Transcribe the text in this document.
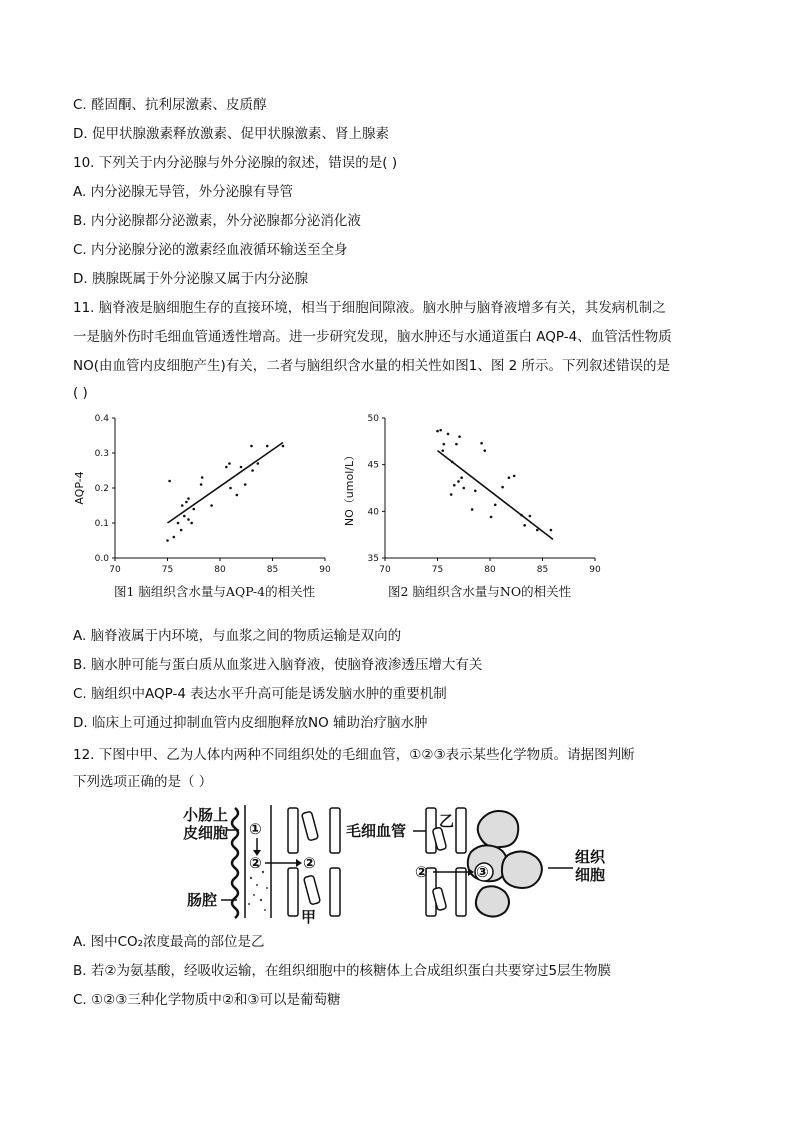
C. 醛固酮、抗利尿激素、皮质醇
D. 促甲状腺激素释放激素、促甲状腺激素、肾上腺素
10. 下列关于内分泌腺与外分泌腺的叙述，错误的是( )
A. 内分泌腺无导管，外分泌腺有导管
B. 内分泌腺都分泌激素，外分泌腺都分泌消化液
C. 内分泌腺分泌的激素经血液循环输送至全身
D. 胰腺既属于外分泌腺又属于内分泌腺
11. 脑脊液是脑细胞生存的直接环境，相当于细胞间隙液。脑水肿与脑脊液增多有关，其发病机制之
一是脑外伤时毛细血管通透性增高。进一步研究发现，脑水肿还与水通道蛋白 AQP-4、血管活性物质
NO(由血管内皮细胞产生)有关，二者与脑组织含水量的相关性如图1、图 2 所示。下列叙述错误的是
( )
70	75	80	85	90
0.0
0.1
0.2
0.3
0.4
AQP-4
图1 脑组织含水量与AQP-4的相关性
70	75	80	85	90
35
40
45
50
NO（umol/L）
图2 脑组织含水量与NO的相关性
A. 脑脊液属于内环境，与血浆之间的物质运输是双向的
B. 脑水肿可能与蛋白质从血浆进入脑脊液，使脑脊液渗透压增大有关
C. 脑组织中AQP-4 表达水平升高可能是诱发脑水肿的重要机制
D. 临床上可通过抑制血管内皮细胞释放NO 辅助治疗脑水肿
12. 下图中甲、乙为人体内两种不同组织处的毛细血管，①②③表示某些化学物质。请据图判断
下列选项正确的是（ ）
小肠上
皮细胞
肠腔
毛细血管
甲
乙
组织
细胞
①
②	②	②	③
A. 图中CO₂浓度最高的部位是乙
B. 若②为氨基酸，经吸收运输，在组织细胞中的核糖体上合成组织蛋白共要穿过5层生物膜
C. ①②③三种化学物质中②和③可以是葡萄糖
